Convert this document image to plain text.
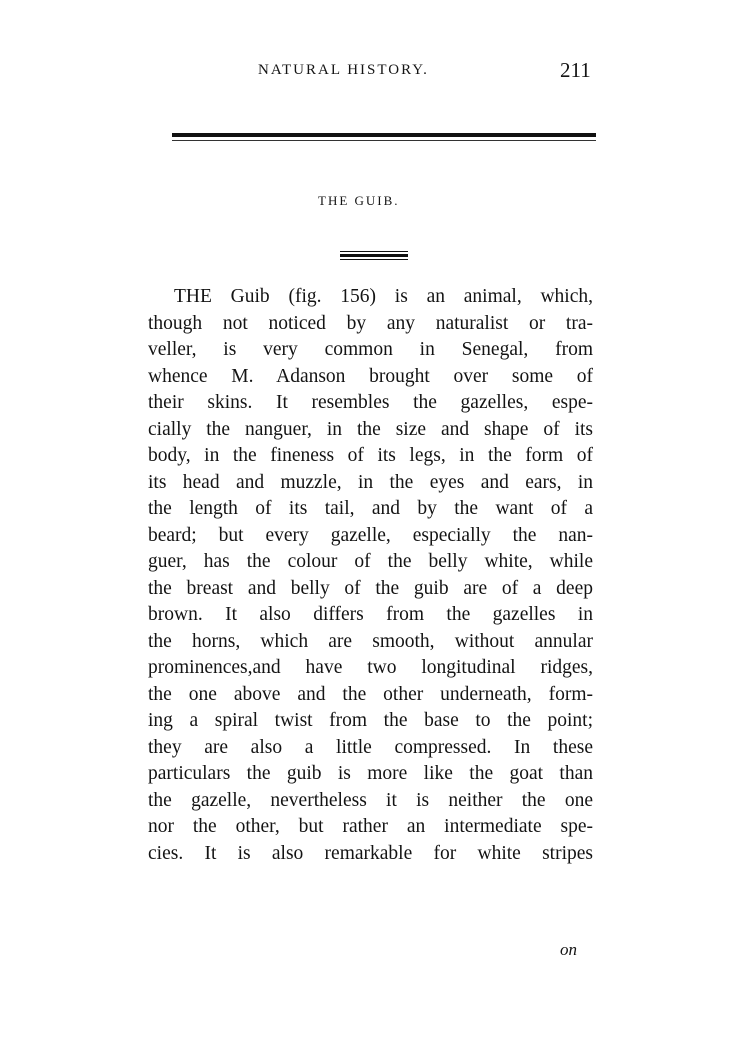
NATURAL HISTORY.	211
THE GUIB.
THE Guib (fig. 156) is an animal, which,
though not noticed by any naturalist or tra-
veller, is very common in Senegal, from
whence M. Adanson brought over some of
their skins. It resembles the gazelles, espe-
cially the nanguer, in the size and shape of its
body, in the fineness of its legs, in the form of
its head and muzzle, in the eyes and ears, in
the length of its tail, and by the want of a
beard; but every gazelle, especially the nan-
guer, has the colour of the belly white, while
the breast and belly of the guib are of a deep
brown. It also differs from the gazelles in
the horns, which are smooth, without annular
prominences,and have two longitudinal ridges,
the one above and the other underneath, form-
ing a spiral twist from the base to the point;
they are also a little compressed. In these
particulars the guib is more like the goat than
the gazelle, nevertheless it is neither the one
nor the other, but rather an intermediate spe-
cies. It is also remarkable for white stripes
on
